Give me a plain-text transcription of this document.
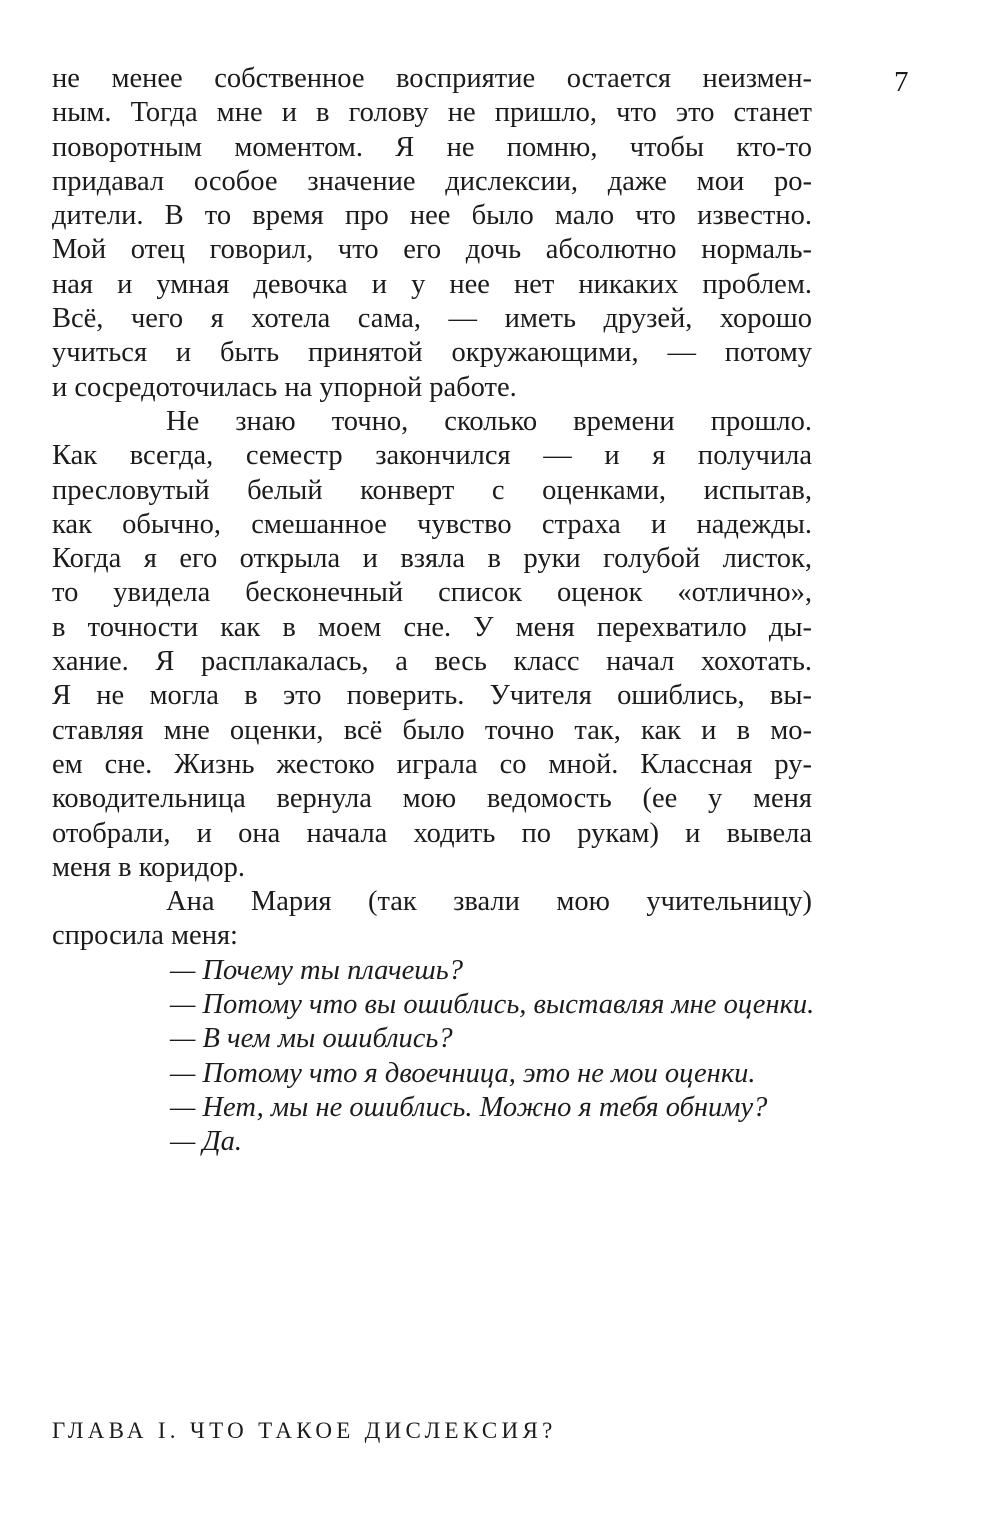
7
не менее собственное восприятие остается неизмен-
ным. Тогда мне и в голову не пришло, что это станет
поворотным моментом. Я не помню, чтобы кто-то
придавал особое значение дислексии, даже мои ро-
дители. В то время про нее было мало что известно.
Мой отец говорил, что его дочь абсолютно нормаль-
ная и умная девочка и у нее нет никаких проблем.
Всё, чего я хотела сама, — иметь друзей, хорошо
учиться и быть принятой окружающими, — потому
и сосредоточилась на упорной работе.
Не знаю точно, сколько времени прошло.
Как всегда, семестр закончился — и я получила
пресловутый белый конверт с оценками, испытав,
как обычно, смешанное чувство страха и надежды.
Когда я его открыла и взяла в руки голубой листок,
то увидела бесконечный список оценок «отлично»,
в точности как в моем сне. У меня перехватило ды-
хание. Я расплакалась, а весь класс начал хохотать.
Я не могла в это поверить. Учителя ошиблись, вы-
ставляя мне оценки, всё было точно так, как и в мо-
ем сне. Жизнь жестоко играла со мной. Классная ру-
ководительница вернула мою ведомость (ее у меня
отобрали, и она начала ходить по рукам) и вывела
меня в коридор.
Ана Мария (так звали мою учительницу)
спросила меня:
— Почему ты плачешь?
— Потому что вы ошиблись, выставляя мне оценки.
— В чем мы ошиблись?
— Потому что я двоечница, это не мои оценки.
— Нет, мы не ошиблись. Можно я тебя обниму?
— Да.
ГЛАВА I. ЧТО ТАКОЕ ДИСЛЕКСИЯ?
